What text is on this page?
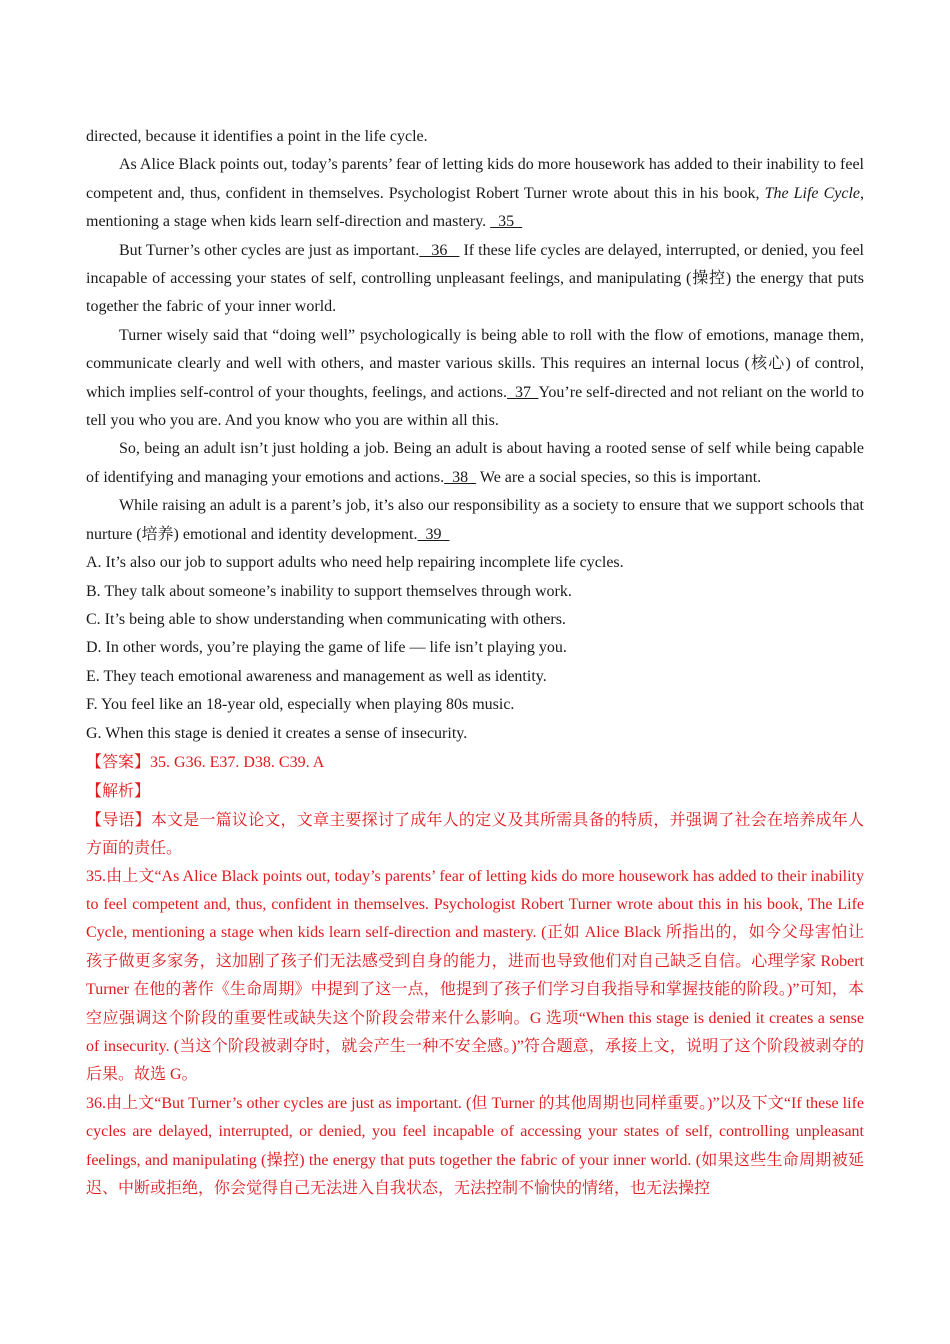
directed, because it identifies a point in the life cycle.

As Alice Black points out, today’s parents’ fear of letting kids do more housework has added to their inability to feel competent and, thus, confident in themselves. Psychologist Robert Turner wrote about this in his book, The Life Cycle, mentioning a stage when kids learn self-direction and mastery.   35

But Turner’s other cycles are just as important.   36    If these life cycles are delayed, interrupted, or denied, you feel incapable of accessing your states of self, controlling unpleasant feelings, and manipulating (操控) the energy that puts together the fabric of your inner world.

Turner wisely said that “doing well” psychologically is being able to roll with the flow of emotions, manage them, communicate clearly and well with others, and master various skills. This requires an internal locus (核心) of control, which implies self-control of your thoughts, feelings, and actions.  37  You’re self-directed and not reliant on the world to tell you who you are. And you know who you are within all this.

So, being an adult isn’t just holding a job. Being an adult is about having a rooted sense of self while being capable of identifying and managing your emotions and actions.  38   We are a social species, so this is important.

While raising an adult is a parent’s job, it’s also our responsibility as a society to ensure that we support schools that nurture (培养) emotional and identity development.  39

A. It’s also our job to support adults who need help repairing incomplete life cycles.

B. They talk about someone’s inability to support themselves through work.

C. It’s being able to show understanding when communicating with others.

D. In other words, you’re playing the game of life — life isn’t playing you.

E. They teach emotional awareness and management as well as identity.

F. You feel like an 18-year old, especially when playing 80s music.

G. When this stage is denied it creates a sense of insecurity.

【答案】35. G36. E37. D38. C39. A

【解析】

【导语】本文是一篇议论文，文章主要探讨了成年人的定义及其所需具备的特质，并强调了社会在培养成年人方面的责任。

35.由上文“As Alice Black points out, today’s parents’ fear of letting kids do more housework has added to their inability to feel competent and, thus, confident in themselves. Psychologist Robert Turner wrote about this in his book, The Life Cycle, mentioning a stage when kids learn self-direction and mastery. (正如 Alice Black 所指出的，如今父母害怕让孩子做更多家务，这加剧了孩子们无法感受到自身的能力，进而也导致他们对自己缺乏自信。心理学家 Robert Turner 在他的著作《生命周期》中提到了这一点，他提到了孩子们学习自我指导和掌握技能的阶段。)”可知，本空应强调这个阶段的重要性或缺失这个阶段会带来什么影响。G 选项“When this stage is denied it creates a sense of insecurity. (当这个阶段被剥夺时，就会产生一种不安全感。)”符合题意，承接上文，说明了这个阶段被剥夺的后果。故选 G。

36.由上文“But Turner’s other cycles are just as important. (但 Turner 的其他周期也同样重要。)”以及下文“If these life cycles are delayed, interrupted, or denied, you feel incapable of accessing your states of self, controlling unpleasant feelings, and manipulating (操控) the energy that puts together the fabric of your inner world. (如果这些生命周期被延迟、中断或拒绝，你会觉得自己无法进入自我状态，无法控制不愉快的情绪，也无法操控
